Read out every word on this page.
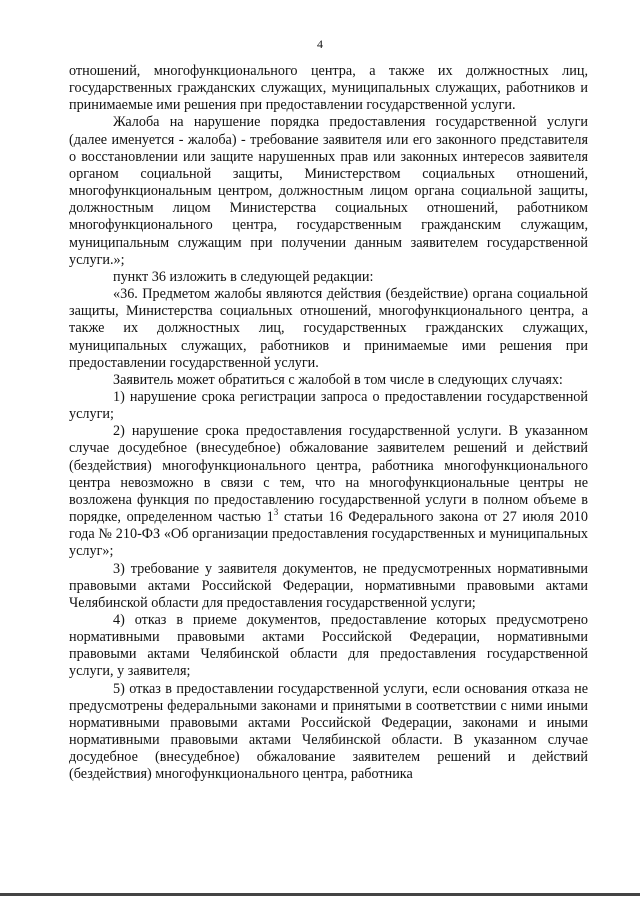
4

отношений, многофункционального центра, а также их должностных лиц, государственных гражданских служащих, муниципальных служащих, работников и принимаемые ими решения при предоставлении государственной услуги.

Жалоба на нарушение порядка предоставления государственной услуги (далее именуется - жалоба) - требование заявителя или его законного представителя о восстановлении или защите нарушенных прав или законных интересов заявителя органом социальной защиты, Министерством социальных отношений, многофункциональным центром, должностным лицом органа социальной защиты, должностным лицом Министерства социальных отношений, работником многофункционального центра, государственным гражданским служащим, муниципальным служащим при получении данным заявителем государственной услуги.»;

пункт 36 изложить в следующей редакции:

«36. Предметом жалобы являются действия (бездействие) органа социальной защиты, Министерства социальных отношений, многофункционального центра, а также их должностных лиц, государственных гражданских служащих, муниципальных служащих, работников и принимаемые ими решения при предоставлении государственной услуги.

Заявитель может обратиться с жалобой в том числе в следующих случаях:

1) нарушение срока регистрации запроса о предоставлении государственной услуги;

2) нарушение срока предоставления государственной услуги. В указанном случае досудебное (внесудебное) обжалование заявителем решений и действий (бездействия) многофункционального центра, работника многофункционального центра невозможно в связи с тем, что на многофункциональные центры не возложена функция по предоставлению государственной услуги в полном объеме в порядке, определенном частью $1^3$ статьи 16 Федерального закона от 27 июля 2010 года № 210-ФЗ «Об организации предоставления государственных и муниципальных услуг»;

3) требование у заявителя документов, не предусмотренных нормативными правовыми актами Российской Федерации, нормативными правовыми актами Челябинской области для предоставления государственной услуги;

4) отказ в приеме документов, предоставление которых предусмотрено нормативными правовыми актами Российской Федерации, нормативными правовыми актами Челябинской области для предоставления государственной услуги, у заявителя;

5) отказ в предоставлении государственной услуги, если основания отказа не предусмотрены федеральными законами и принятыми в соответствии с ними иными нормативными правовыми актами Российской Федерации, законами и иными нормативными правовыми актами Челябинской области. В указанном случае досудебное (внесудебное) обжалование заявителем решений и действий (бездействия) многофункционального центра, работника
